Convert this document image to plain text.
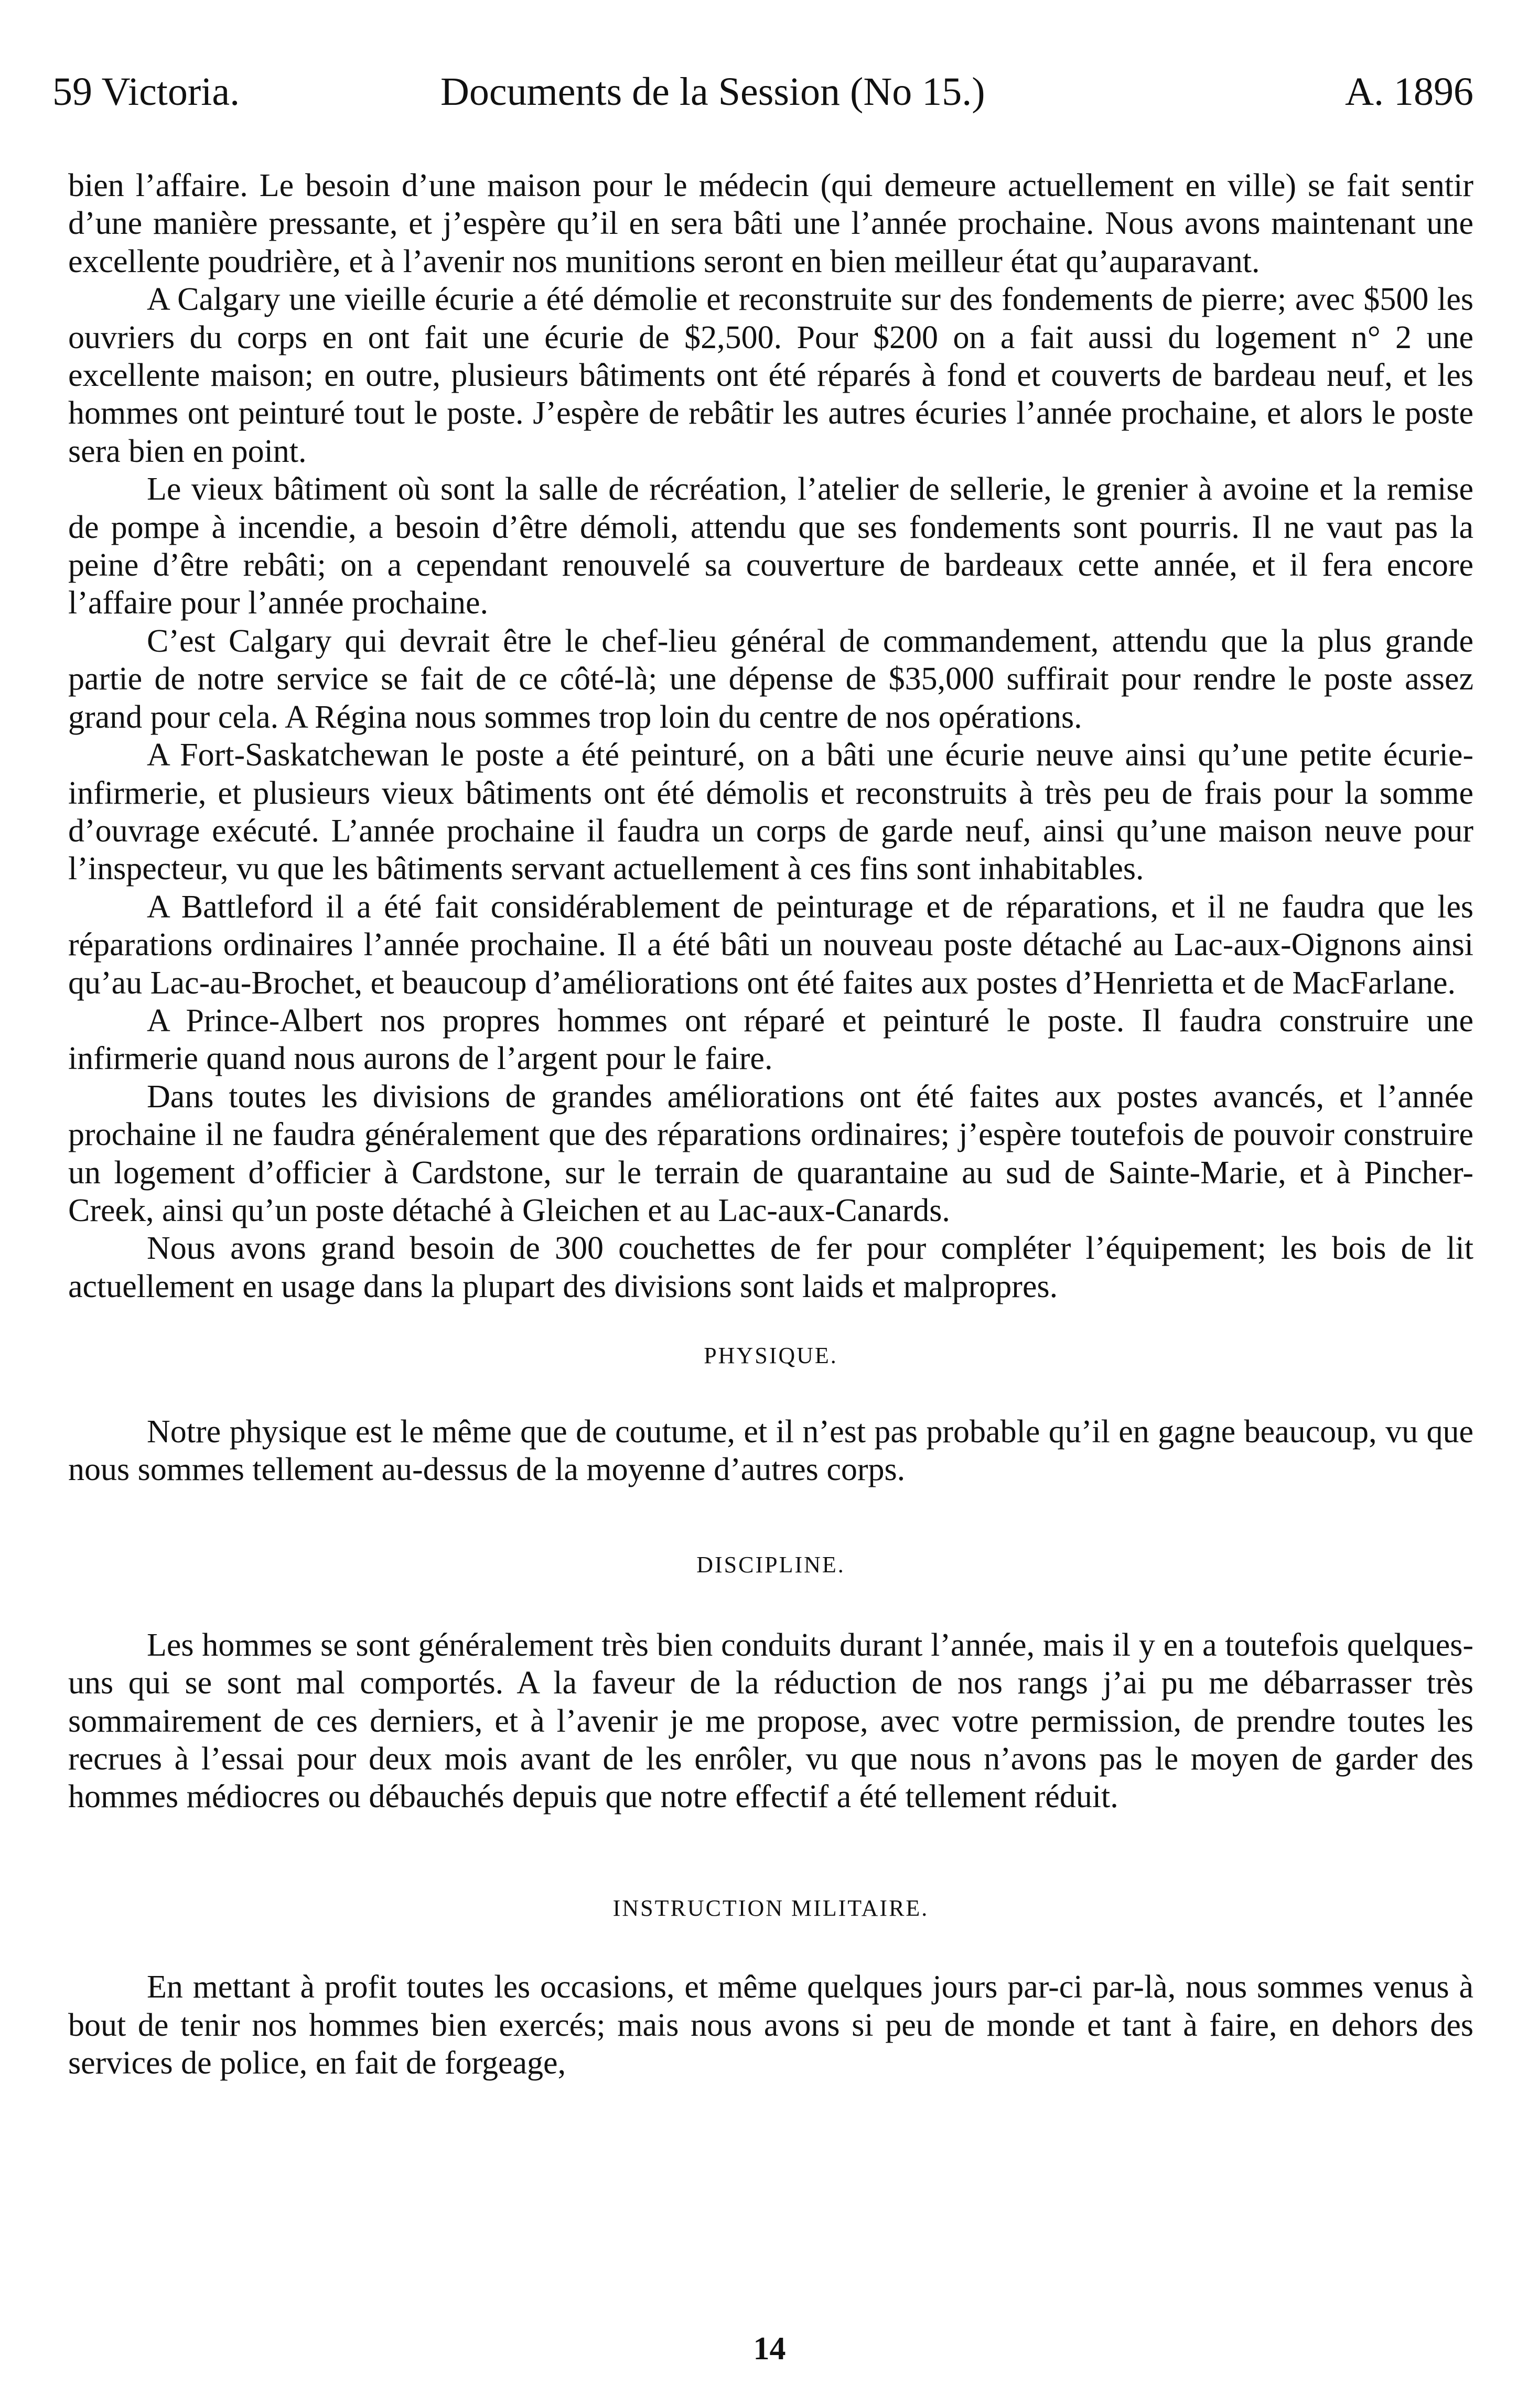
59 Victoria.	Documents de la Session (No 15.)	A. 1896

bien l’affaire. Le besoin d’une maison pour le médecin (qui demeure actuellement en ville) se fait sentir d’une manière pressante, et j’espère qu’il en sera bâti une l’année prochaine. Nous avons maintenant une excellente poudrière, et à l’avenir nos munitions seront en bien meilleur état qu’auparavant.

A Calgary une vieille écurie a été démolie et reconstruite sur des fondements de pierre; avec $500 les ouvriers du corps en ont fait une écurie de $2,500. Pour $200 on a fait aussi du logement n° 2 une excellente maison; en outre, plusieurs bâtiments ont été réparés à fond et couverts de bardeau neuf, et les hommes ont peinturé tout le poste. J’espère de rebâtir les autres écuries l’année prochaine, et alors le poste sera bien en point.

Le vieux bâtiment où sont la salle de récréation, l’atelier de sellerie, le grenier à avoine et la remise de pompe à incendie, a besoin d’être démoli, attendu que ses fondements sont pourris. Il ne vaut pas la peine d’être rebâti; on a cependant renouvelé sa couverture de bardeaux cette année, et il fera encore l’affaire pour l’année prochaine.

C’est Calgary qui devrait être le chef-lieu général de commandement, attendu que la plus grande partie de notre service se fait de ce côté-là; une dépense de $35,000 suffirait pour rendre le poste assez grand pour cela. A Régina nous sommes trop loin du centre de nos opérations.

A Fort-Saskatchewan le poste a été peinturé, on a bâti une écurie neuve ainsi qu’une petite écurie-infirmerie, et plusieurs vieux bâtiments ont été démolis et reconstruits à très peu de frais pour la somme d’ouvrage exécuté. L’année prochaine il faudra un corps de garde neuf, ainsi qu’une maison neuve pour l’inspecteur, vu que les bâtiments servant actuellement à ces fins sont inhabitables.

A Battleford il a été fait considérablement de peinturage et de réparations, et il ne faudra que les réparations ordinaires l’année prochaine. Il a été bâti un nouveau poste détaché au Lac-aux-Oignons ainsi qu’au Lac-au-Brochet, et beaucoup d’améliorations ont été faites aux postes d’Henrietta et de MacFarlane.

A Prince-Albert nos propres hommes ont réparé et peinturé le poste. Il faudra construire une infirmerie quand nous aurons de l’argent pour le faire.

Dans toutes les divisions de grandes améliorations ont été faites aux postes avancés, et l’année prochaine il ne faudra généralement que des réparations ordinaires; j’espère toutefois de pouvoir construire un logement d’officier à Cardstone, sur le terrain de quarantaine au sud de Sainte-Marie, et à Pincher-Creek, ainsi qu’un poste détaché à Gleichen et au Lac-aux-Canards.

Nous avons grand besoin de 300 couchettes de fer pour compléter l’équipement; les bois de lit actuellement en usage dans la plupart des divisions sont laids et malpropres.

PHYSIQUE.

Notre physique est le même que de coutume, et il n’est pas probable qu’il en gagne beaucoup, vu que nous sommes tellement au-dessus de la moyenne d’autres corps.

DISCIPLINE.

Les hommes se sont généralement très bien conduits durant l’année, mais il y en a toutefois quelques-uns qui se sont mal comportés. A la faveur de la réduction de nos rangs j’ai pu me débarrasser très sommairement de ces derniers, et à l’avenir je me propose, avec votre permission, de prendre toutes les recrues à l’essai pour deux mois avant de les enrôler, vu que nous n’avons pas le moyen de garder des hommes médiocres ou débauchés depuis que notre effectif a été tellement réduit.

INSTRUCTION MILITAIRE.

En mettant à profit toutes les occasions, et même quelques jours par-ci par-là, nous sommes venus à bout de tenir nos hommes bien exercés; mais nous avons si peu de monde et tant à faire, en dehors des services de police, en fait de forgeage,

14
